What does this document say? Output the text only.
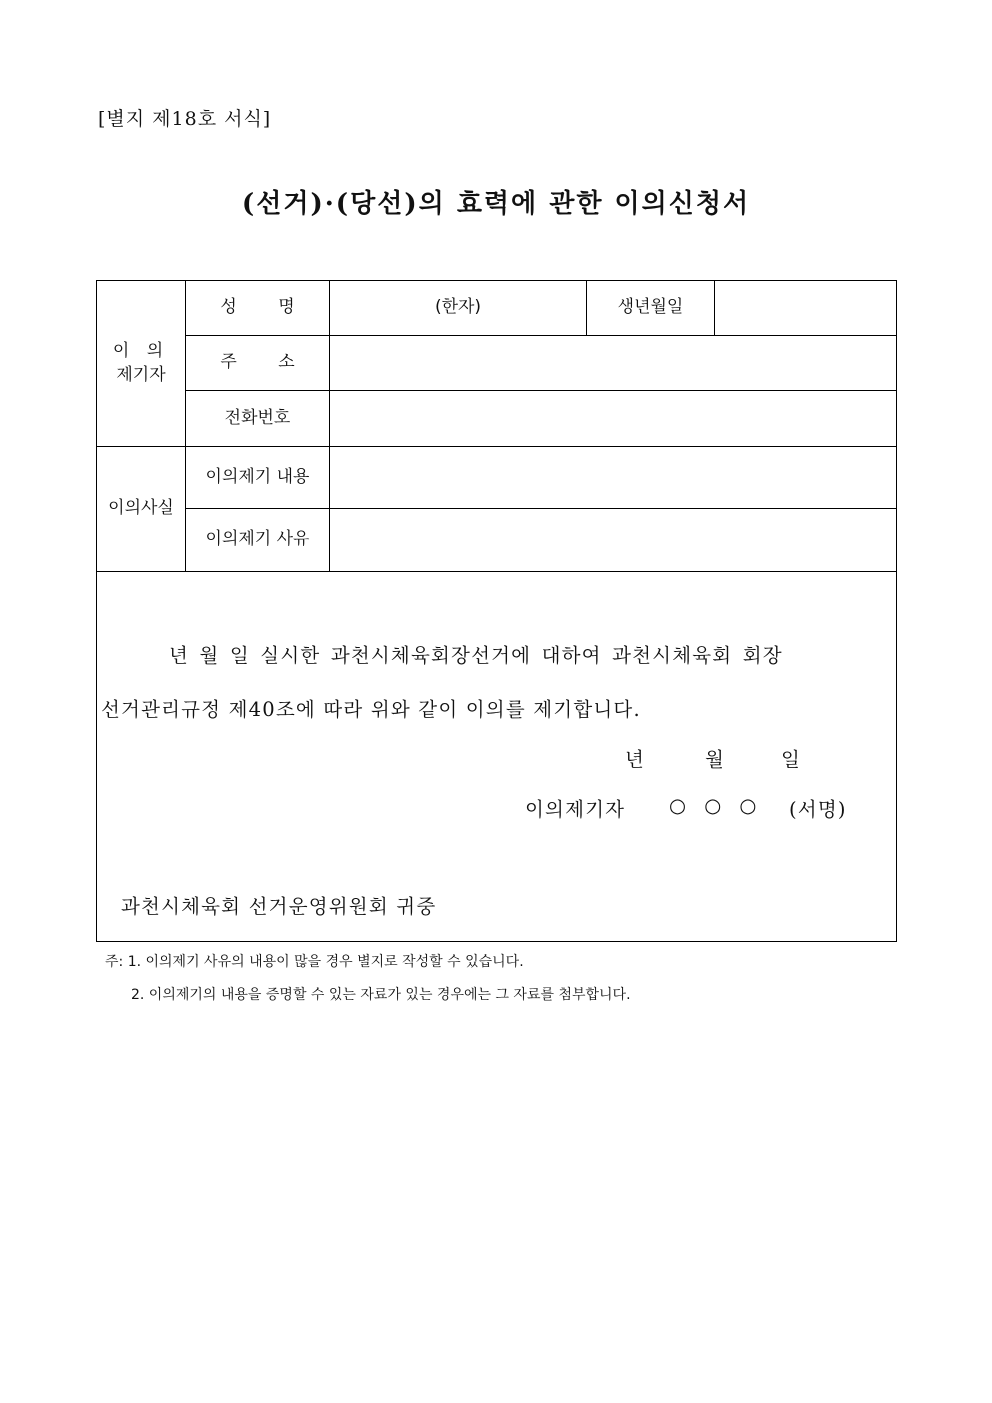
[별지 제18호 서식]
(선거)·(당선)의 효력에 관한 이의신청서
이 의
제기자
성 명	(한자)	생년월일
주 소
전화번호
이의사실
이의제기 내용
이의제기 사유
년 월 일 실시한 과천시체육회장선거에 대하여 과천시체육회 회장
선거관리규정 제40조에 따라 위와 같이 이의를 제기합니다.
년	월	일
이의제기자 ○ ○ ○ (서명)
과천시체육회 선거운영위원회 귀중
주: 1. 이의제기 사유의 내용이 많을 경우 별지로 작성할 수 있습니다.
2. 이의제기의 내용을 증명할 수 있는 자료가 있는 경우에는 그 자료를 첨부합니다.
